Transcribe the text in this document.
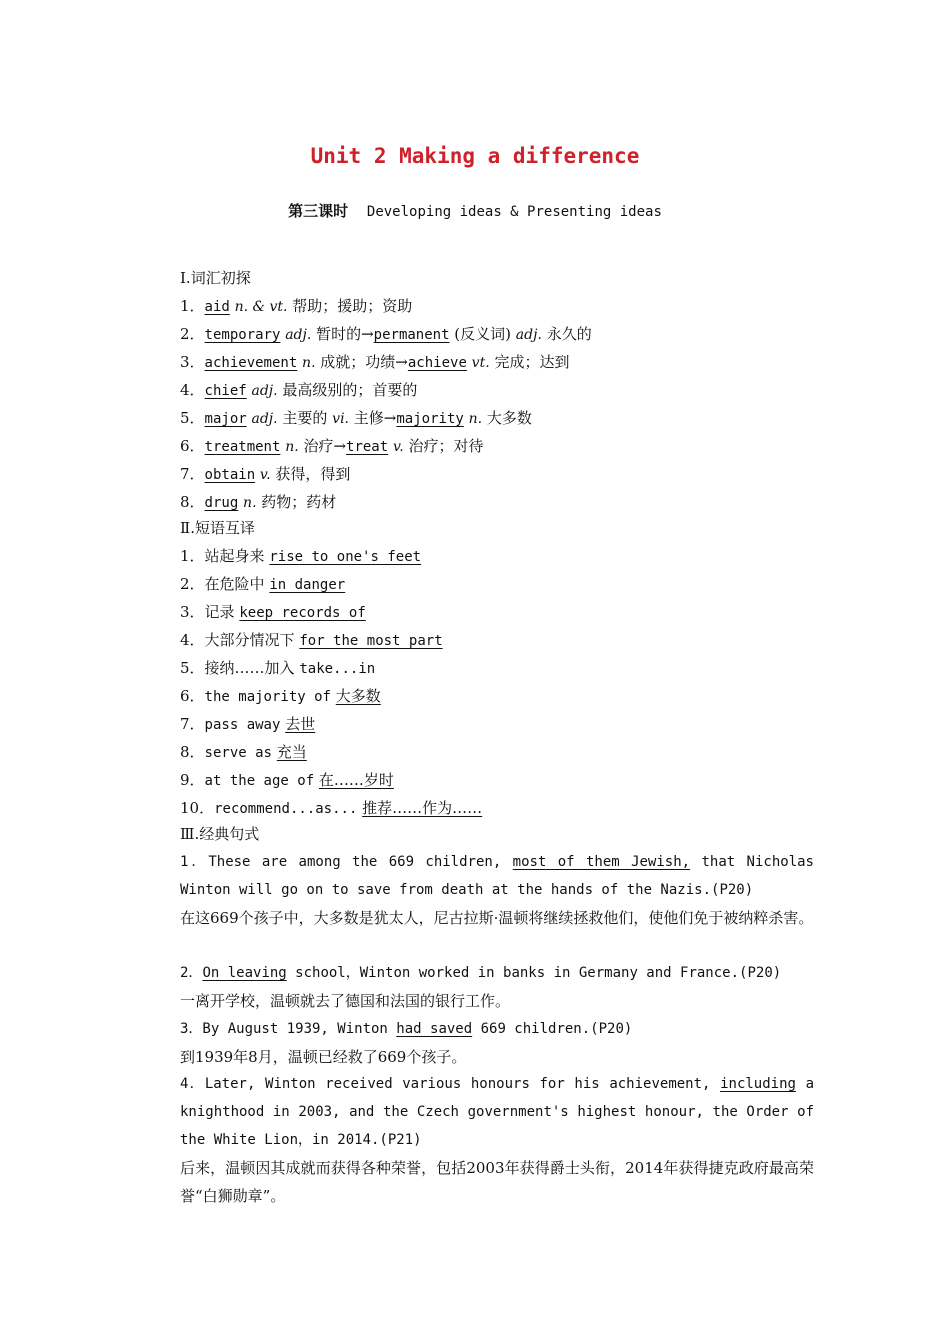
Unit 2 Making a difference
第三课时 Developing ideas & Presenting ideas
Ⅰ.词汇初探
1．aid n. & vt. 帮助；援助；资助
2．temporary adj. 暂时的→permanent (反义词) adj. 永久的
3．achievement n. 成就；功绩→achieve vt. 完成；达到
4．chief adj. 最高级别的；首要的
5．major adj. 主要的 vi. 主修→majority n. 大多数
6．treatment n. 治疗→treat v. 治疗；对待
7．obtain v. 获得，得到
8．drug n. 药物；药材
Ⅱ.短语互译
1．站起身来 rise to one's feet
2．在危险中 in danger
3．记录 keep records of
4．大部分情况下 for the most part
5．接纳……加入 take...in
6．the majority of 大多数
7．pass away 去世
8．serve as 充当
9．at the age of 在……岁时
10．recommend...as... 推荐……作为……
Ⅲ.经典句式
1．These are among the 669 children, most of them Jewish, that Nicholas Winton will go on to save from death at the hands of the Nazis.(P20)
在这669个孩子中，大多数是犹太人，尼古拉斯·温顿将继续拯救他们，使他们免于被纳粹杀害。
2．On leaving school，Winton worked in banks in Germany and France.(P20)
一离开学校，温顿就去了德国和法国的银行工作。
3．By August 1939, Winton had saved 669 children.(P20)
到1939年8月，温顿已经救了669个孩子。
4．Later, Winton received various honours for his achievement, including a knighthood in 2003, and the Czech government's highest honour, the Order of the White Lion，in 2014.(P21)
后来，温顿因其成就而获得各种荣誉，包括2003年获得爵士头衔，2014年获得捷克政府最高荣誉“白狮勋章”。
